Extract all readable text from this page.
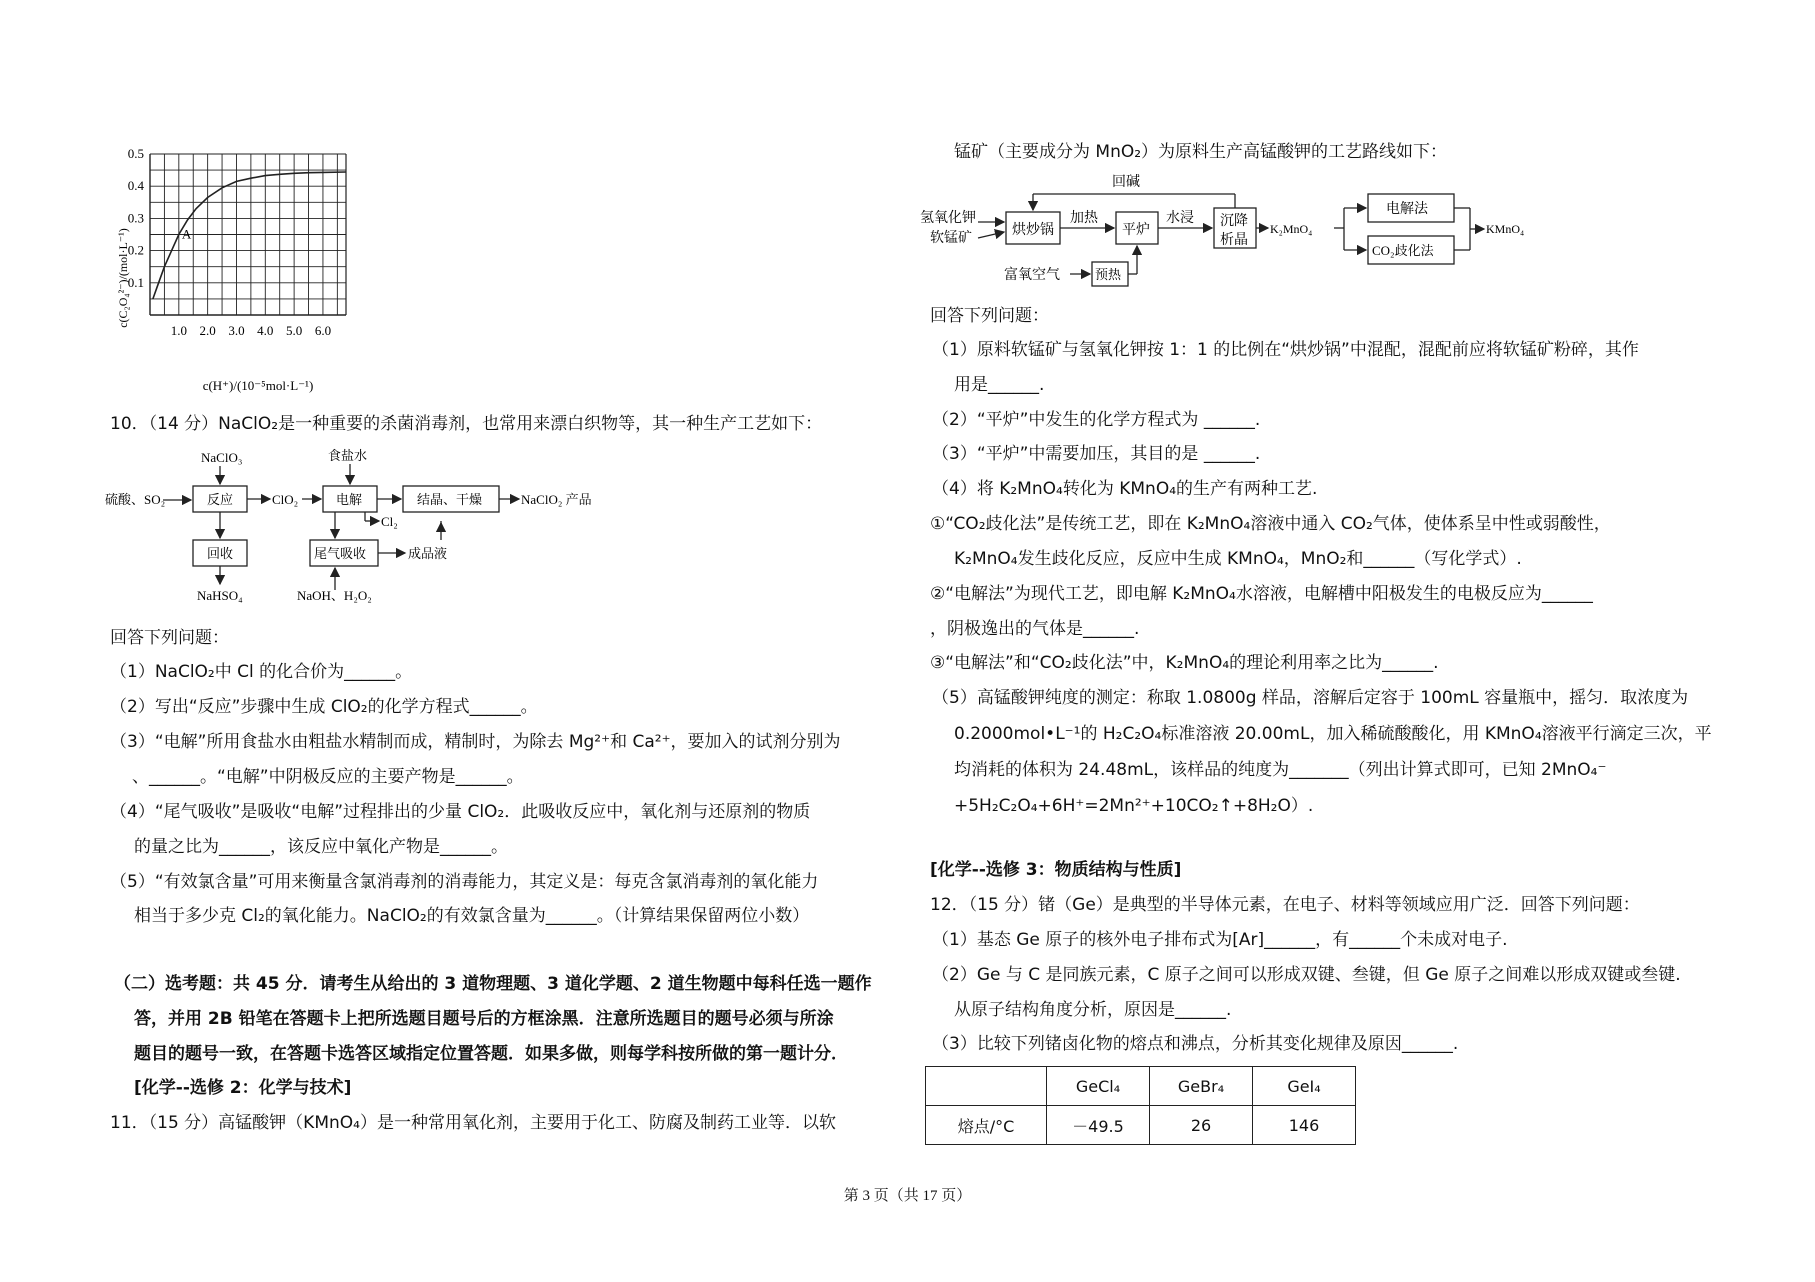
0.1
0.2
0.3
0.4
0.5
1.0 2.0 3.0 4.0 5.0 6.0
A
c(C₂O₄²⁻)/(mol·L⁻¹)
c(H⁺)/(10⁻⁵mol·L⁻¹)
10．（14 分）NaClO₂是一种重要的杀菌消毒剂，也常用来漂白织物等，其一种生产工艺如下：
NaClO₃
硫酸、SO₂	反应	ClO₂
食盐水
电解	结晶、干燥	NaClO₂ 产品
Cl₂
回收	尾气吸收	成品液
NaHSO₄	NaOH、H₂O₂
回答下列问题：
（1）NaClO₂中 Cl 的化合价为______。
（2）写出“反应”步骤中生成 ClO₂的化学方程式______。
（3）“电解”所用食盐水由粗盐水精制而成，精制时，为除去 Mg²⁺和 Ca²⁺，要加入的试剂分别为
、______。“电解”中阴极反应的主要产物是______。
（4）“尾气吸收”是吸收“电解”过程排出的少量 ClO₂．此吸收反应中，氧化剂与还原剂的物质
的量之比为______，该反应中氧化产物是______。
（5）“有效氯含量”可用来衡量含氯消毒剂的消毒能力，其定义是：每克含氯消毒剂的氧化能力
相当于多少克 Cl₂的氧化能力。NaClO₂的有效氯含量为______。（计算结果保留两位小数）
（二）选考题：共 45 分．请考生从给出的 3 道物理题、3 道化学题、2 道生物题中每科任选一题作
答，并用 2B 铅笔在答题卡上把所选题目题号后的方框涂黑．注意所选题目的题号必须与所涂
题目的题号一致，在答题卡选答区域指定位置答题．如果多做，则每学科按所做的第一题计分．
[化学--选修 2：化学与技术]
11．（15 分）高锰酸钾（KMnO₄）是一种常用氧化剂，主要用于化工、防腐及制药工业等．以软
锰矿（主要成分为 MnO₂）为原料生产高锰酸钾的工艺路线如下：
回碱
氢氧化钾
软锰矿
烘炒锅
加热
平炉
水浸 沉降
析晶
K₂MnO₄
电解法
CO₂歧化法
KMnO₄
富氧空气	预热
回答下列问题：
（1）原料软锰矿与氢氧化钾按 1：1 的比例在“烘炒锅”中混配，混配前应将软锰矿粉碎，其作
用是______.
（2）“平炉”中发生的化学方程式为 ______.
（3）“平炉”中需要加压，其目的是 ______.
（4）将 K₂MnO₄转化为 KMnO₄的生产有两种工艺.
①“CO₂歧化法”是传统工艺，即在 K₂MnO₄溶液中通入 CO₂气体，使体系呈中性或弱酸性，
K₂MnO₄发生歧化反应，反应中生成 KMnO₄，MnO₂和______（写化学式）.
②“电解法”为现代工艺，即电解 K₂MnO₄水溶液，电解槽中阳极发生的电极反应为______
，阴极逸出的气体是______.
③“电解法”和“CO₂歧化法”中，K₂MnO₄的理论利用率之比为______.
（5）高锰酸钾纯度的测定：称取 1.0800g 样品，溶解后定容于 100mL 容量瓶中，摇匀．取浓度为
0.2000mol•L⁻¹的 H₂C₂O₄标准溶液 20.00mL，加入稀硫酸酸化，用 KMnO₄溶液平行滴定三次，平
均消耗的体积为 24.48mL，该样品的纯度为_______（列出计算式即可，已知 2MnO₄⁻
+5H₂C₂O₄+6H⁺=2Mn²⁺+10CO₂↑+8H₂O）.
[化学--选修 3：物质结构与性质]
12．（15 分）锗（Ge）是典型的半导体元素，在电子、材料等领域应用广泛．回答下列问题：
（1）基态 Ge 原子的核外电子排布式为[Ar]______，有______个未成对电子.
（2）Ge 与 C 是同族元素，C 原子之间可以形成双键、叁键，但 Ge 原子之间难以形成双键或叁键.
从原子结构角度分析，原因是______.
（3）比较下列锗卤化物的熔点和沸点，分析其变化规律及原因______.
	GeCl₄	GeBr₄	GeI₄
熔点/°C	－49.5	26	146
第 3 页（共 17 页）
